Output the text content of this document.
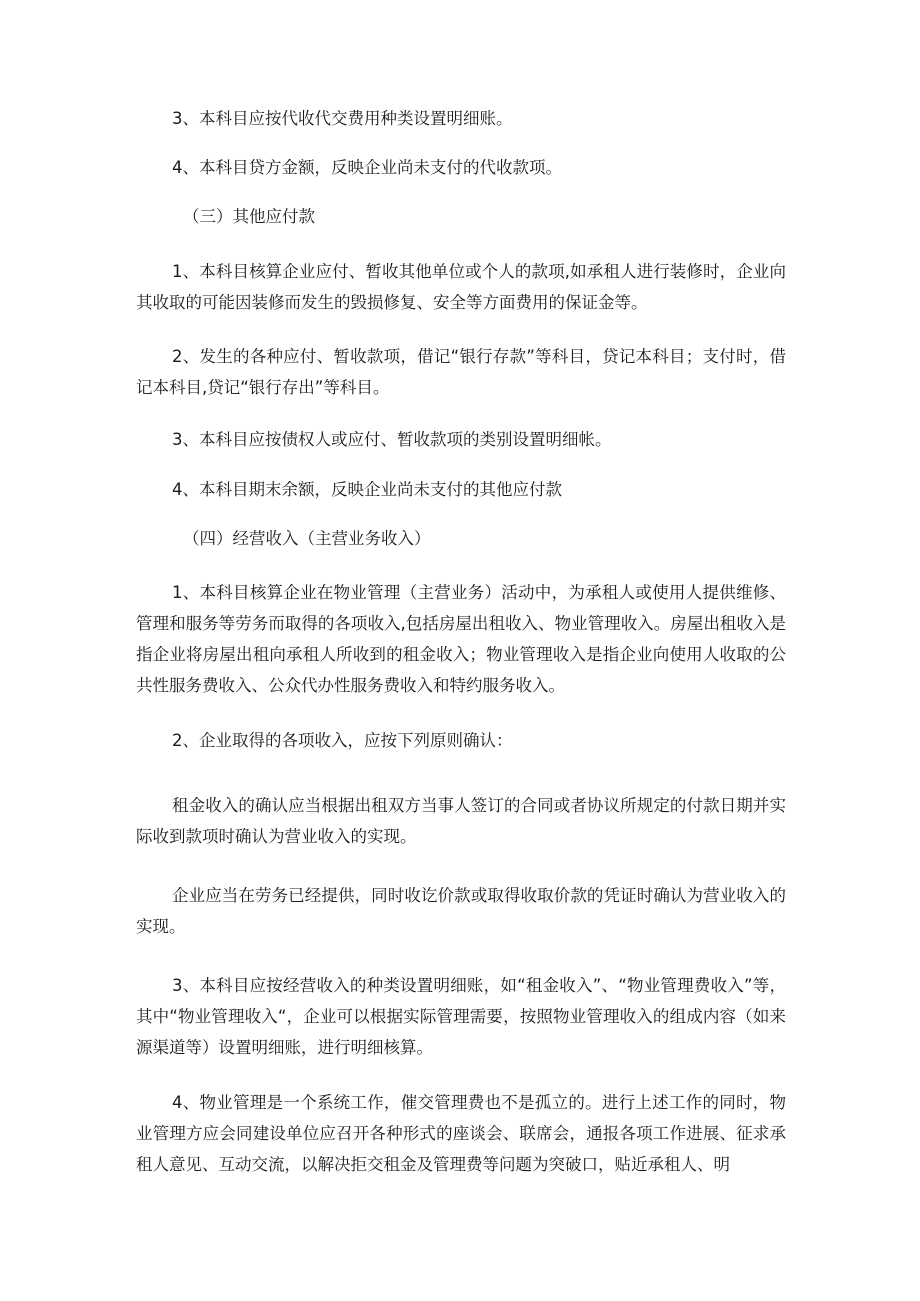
3、本科目应按代收代交费用种类设置明细账。

4、本科目贷方金额，反映企业尚未支付的代收款项。

（三）其他应付款

1、本科目核算企业应付、暂收其他单位或个人的款项,如承租人进行装修时，企业向其收取的可能因装修而发生的毁损修复、安全等方面费用的保证金等。

2、发生的各种应付、暂收款项，借记“银行存款”等科目，贷记本科目；支付时，借记本科目,贷记“银行存出”等科目。

3、本科目应按债权人或应付、暂收款项的类别设置明细帐。

4、本科目期末余额，反映企业尚未支付的其他应付款

（四）经营收入（主营业务收入）

1、本科目核算企业在物业管理（主营业务）活动中，为承租人或使用人提供维修、管理和服务等劳务而取得的各项收入,包括房屋出租收入、物业管理收入。房屋出租收入是指企业将房屋出租向承租人所收到的租金收入；物业管理收入是指企业向使用人收取的公共性服务费收入、公众代办性服务费收入和特约服务收入。

2、企业取得的各项收入，应按下列原则确认：

租金收入的确认应当根据出租双方当事人签订的合同或者协议所规定的付款日期并实际收到款项时确认为营业收入的实现。

企业应当在劳务已经提供，同时收讫价款或取得收取价款的凭证时确认为营业收入的实现。

3、本科目应按经营收入的种类设置明细账，如“租金收入”、“物业管理费收入”等，其中“物业管理收入“，企业可以根据实际管理需要，按照物业管理收入的组成内容（如来源渠道等）设置明细账，进行明细核算。

4、物业管理是一个系统工作，催交管理费也不是孤立的。进行上述工作的同时，物业管理方应会同建设单位应召开各种形式的座谈会、联席会，通报各项工作进展、征求承租人意见、互动交流，以解决拒交租金及管理费等问题为突破口，贴近承租人、明
